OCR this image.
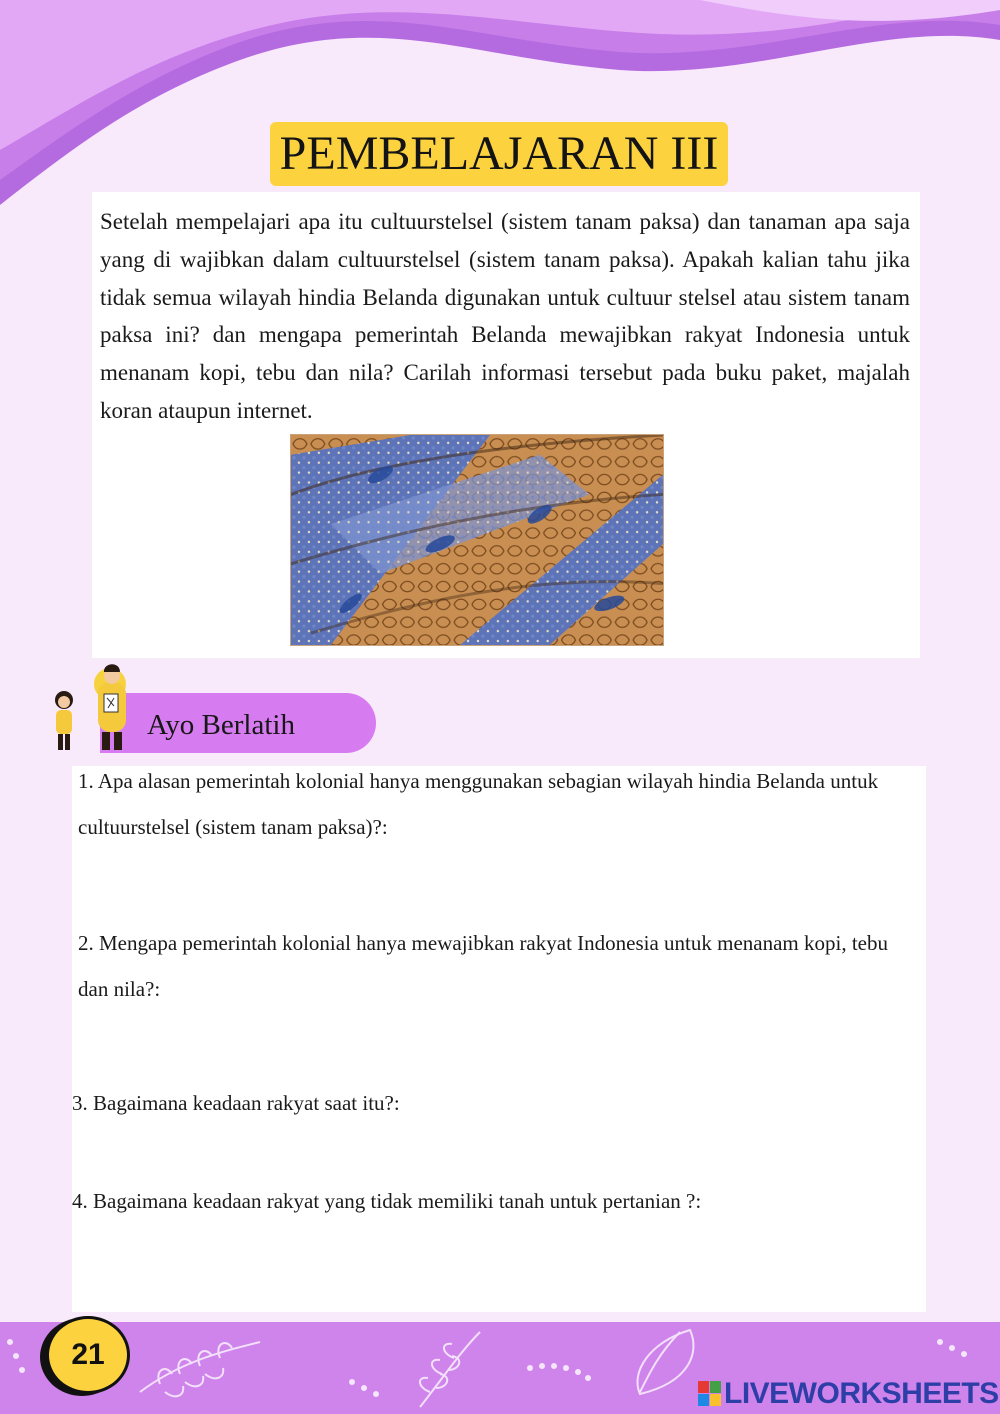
PEMBELAJARAN III
Setelah mempelajari apa itu cultuurstelsel (sistem tanam paksa) dan tanaman apa saja yang di wajibkan dalam cultuurstelsel (sistem tanam paksa). Apakah kalian tahu jika tidak semua wilayah hindia Belanda digunakan untuk cultuur stelsel atau sistem tanam paksa ini? dan mengapa pemerintah Belanda mewajibkan rakyat Indonesia untuk menanam kopi, tebu dan nila? Carilah informasi tersebut pada buku paket, majalah koran ataupun internet.
Ayo Berlatih
1. Apa alasan pemerintah kolonial hanya menggunakan sebagian wilayah hindia Belanda untuk cultuurstelsel (sistem tanam paksa)?:
2. Mengapa pemerintah kolonial hanya mewajibkan rakyat Indonesia untuk menanam kopi, tebu dan nila?:
3. Bagaimana keadaan rakyat saat itu?:
4. Bagaimana keadaan rakyat yang tidak memiliki tanah untuk pertanian ?:
21
LIVEWORKSHEETS
